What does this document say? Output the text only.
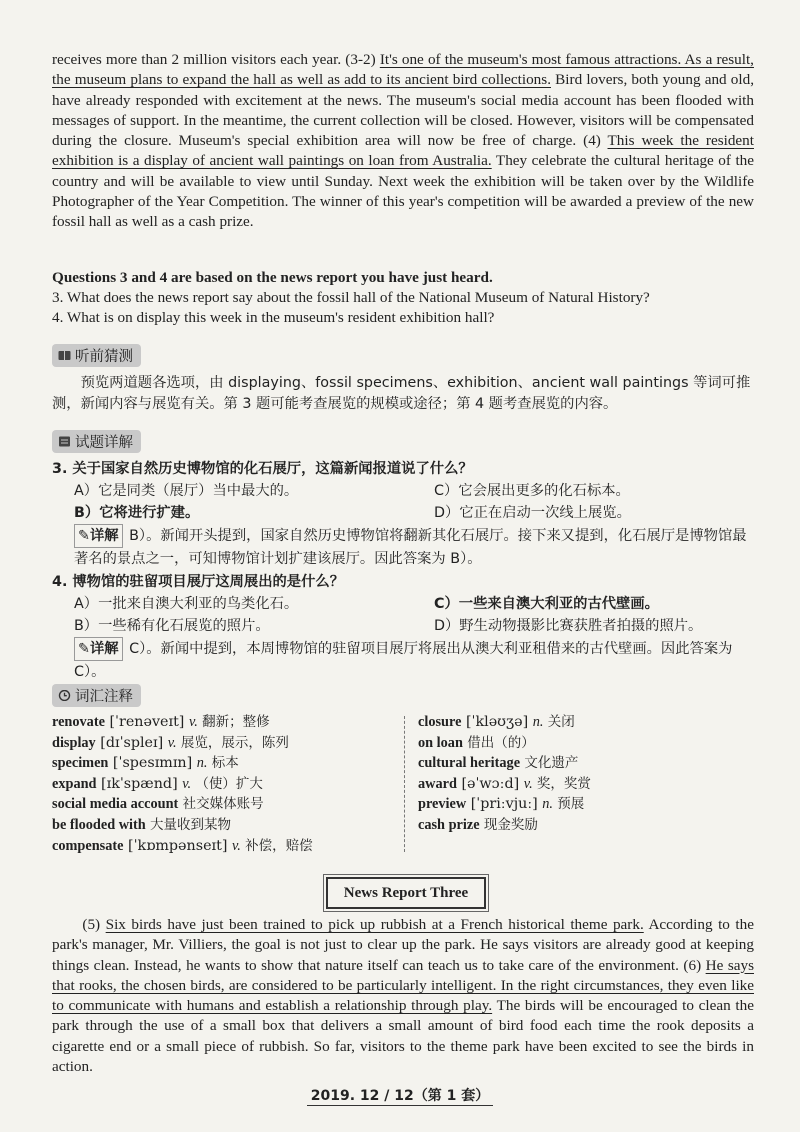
receives more than 2 million visitors each year. (3-2) It's one of the museum's most famous attractions. As a result, the museum plans to expand the hall as well as add to its ancient bird collections. Bird lovers, both young and old, have already responded with excitement at the news. The museum's social media account has been flooded with messages of support. In the meantime, the current collection will be closed. However, visitors will be compensated during the closure. Museum's special exhibition area will now be free of charge. (4) This week the resident exhibition is a display of ancient wall paintings on loan from Australia. They celebrate the cultural heritage of the country and will be available to view until Sunday. Next week the exhibition will be taken over by the Wildlife Photographer of the Year Competition. The winner of this year's competition will be awarded a preview of the new fossil hall as well as a cash prize.

Questions 3 and 4 are based on the news report you have just heard.

3. What does the news report say about the fossil hall of the National Museum of Natural History?

4. What is on display this week in the museum's resident exhibition hall?

听前猜测

预览两道题各选项，由 displaying、fossil specimens、exhibition、ancient wall paintings 等词可推测，新闻内容与展览有关。第 3 题可能考查展览的规模或途径；第 4 题考查展览的内容。

试题详解

3. 关于国家自然历史博物馆的化石展厅，这篇新闻报道说了什么？

A）它是同类（展厅）当中最大的。	C）它会展出更多的化石标本。
B）它将进行扩建。	D）它正在启动一次线上展览。

✎详解 B）。新闻开头提到，国家自然历史博物馆将翻新其化石展厅。接下来又提到，化石展厅是博物馆最著名的景点之一，可知博物馆计划扩建该展厅。因此答案为 B）。

4. 博物馆的驻留项目展厅这周展出的是什么？

A）一批来自澳大利亚的鸟类化石。	C）一些来自澳大利亚的古代壁画。
B）一些稀有化石展览的照片。	D）野生动物摄影比赛获胜者拍摄的照片。

✎详解 C）。新闻中提到，本周博物馆的驻留项目展厅将展出从澳大利亚租借来的古代壁画。因此答案为 C）。

词汇注释
renovate [ˈrenəveɪt] v. 翻新；整修
display [dɪˈspleɪ] v. 展览，展示，陈列
specimen [ˈspesɪmɪn] n. 标本
expand [ɪkˈspænd] v. （使）扩大
social media account 社交媒体账号
be flooded with 大量收到某物
compensate [ˈkɒmpənseɪt] v. 补偿，赔偿
closure [ˈkləʊʒə] n. 关闭
on loan 借出（的）
cultural heritage 文化遗产
award [əˈwɔːd] v. 奖，奖赏
preview [ˈpriːvjuː] n. 预展
cash prize 现金奖励
News Report Three

(5) Six birds have just been trained to pick up rubbish at a French historical theme park. According to the park's manager, Mr. Villiers, the goal is not just to clear up the park. He says visitors are already good at keeping things clean. Instead, he wants to show that nature itself can teach us to take care of the environment. (6) He says that rooks, the chosen birds, are considered to be particularly intelligent. In the right circumstances, they even like to communicate with humans and establish a relationship through play. The birds will be encouraged to clean the park through the use of a small box that delivers a small amount of bird food each time the rook deposits a cigarette end or a small piece of rubbish. So far, visitors to the theme park have been excited to see the birds in action.

2019. 12 / 12（第 1 套）
